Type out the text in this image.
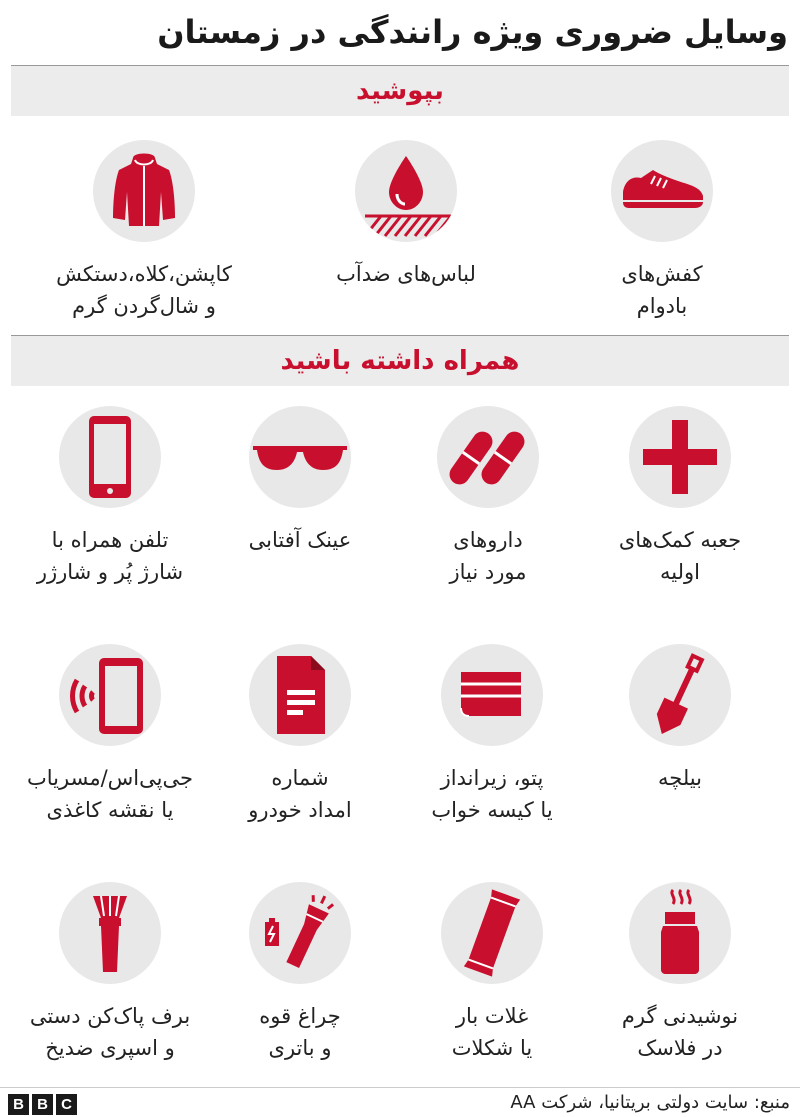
وسایل ضروری ویژه رانندگی در زمستان
بپوشید
کفش‌های
بادوام
لباس‌های ضدآب
کاپشن،کلاه،دستکش
و شال‌گردن گرم
همراه داشته باشید
جعبه کمک‌های
اولیه
داروهای
مورد نیاز
عینک آفتابی
تلفن همراه با
شارژ پُر و شارژر
بیلچه
پتو، زیرانداز
یا کیسه خواب
شماره
امداد خودرو
جی‌پی‌اس/مسریاب
یا نقشه کاغذی
نوشیدنی گرم
در فلاسک
غلات بار
یا شکلات
چراغ قوه
و باتری
برف پاک‌کن دستی
و اسپری ضدیخ
B B C	منبع: سایت دولتی بریتانیا، شرکت AA
